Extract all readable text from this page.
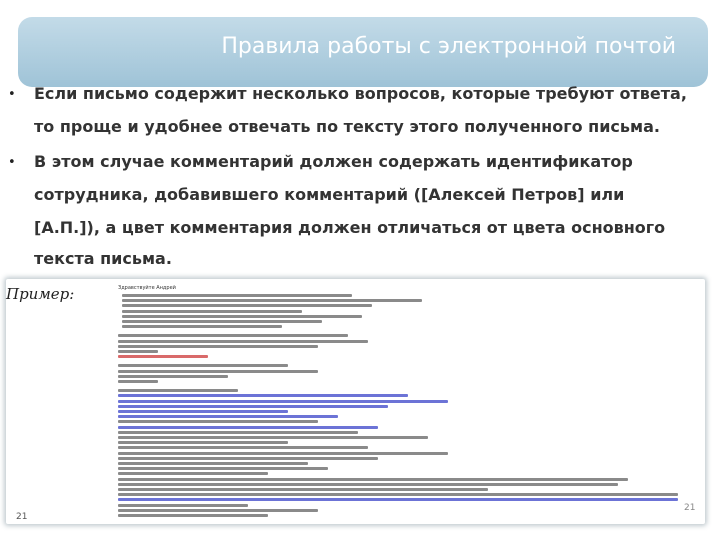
Правила работы с электронной почтой
• Если письмо содержит несколько вопросов, которые требуют ответа,
то проще и удобнее отвечать по тексту этого полученного письма.
• В этом случае комментарий должен содержать идентификатор
сотрудника, добавившего комментарий ([Алексей Петров] или
[А.П.]), а цвет комментария должен отличаться от цвета основного
текста письма.
Пример:	Здравствуйте Андрей
21
21
